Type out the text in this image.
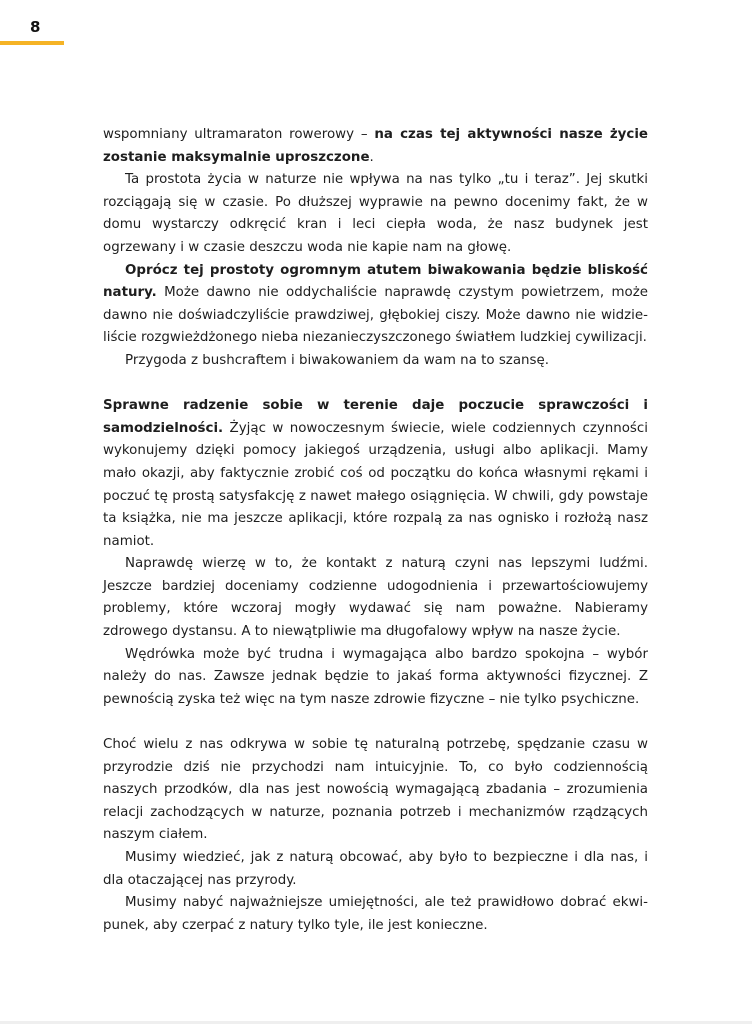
8

wspomniany ultramaraton rowerowy – na czas tej aktywności nasze życie zostanie maksymalnie uproszczone.

Ta prostota życia w naturze nie wpływa na nas tylko „tu i teraz”. Jej skutki rozciągają się w czasie. Po dłuższej wyprawie na pewno docenimy fakt, że w domu wystarczy odkręcić kran i leci ciepła woda, że nasz budynek jest ogrzewany i w czasie deszczu woda nie kapie nam na głowę.

Oprócz tej prostoty ogromnym atutem biwakowania będzie bliskość natury. Może dawno nie oddychaliście naprawdę czystym powietrzem, może dawno nie doświadczyliście prawdziwej, głębokiej ciszy. Może dawno nie widzieliście rozgwieżdżonego nieba niezanieczyszczonego światłem ludzkiej cywilizacji.

Przygoda z bushcraftem i biwakowaniem da wam na to szansę.

Sprawne radzenie sobie w terenie daje poczucie sprawczości i samodzielności. Żyjąc w nowoczesnym świecie, wiele codziennych czynności wykonujemy dzięki pomocy jakiegoś urządzenia, usługi albo aplikacji. Mamy mało okazji, aby faktycznie zrobić coś od początku do końca własnymi rękami i poczuć tę prostą satysfakcję z nawet małego osiągnięcia. W chwili, gdy powstaje ta książka, nie ma jeszcze aplikacji, które rozpalą za nas ognisko i rozłożą nasz namiot.

Naprawdę wierzę w to, że kontakt z naturą czyni nas lepszymi ludźmi. Jeszcze bardziej doceniamy codzienne udogodnienia i przewartościowujemy problemy, które wczoraj mogły wydawać się nam poważne. Nabieramy zdrowego dystansu. A to niewątpliwie ma długofalowy wpływ na nasze życie.

Wędrówka może być trudna i wymagająca albo bardzo spokojna – wybór należy do nas. Zawsze jednak będzie to jakaś forma aktywności fizycznej. Z pewnością zyska też więc na tym nasze zdrowie fizyczne – nie tylko psychiczne.

Choć wielu z nas odkrywa w sobie tę naturalną potrzebę, spędzanie czasu w przyrodzie dziś nie przychodzi nam intuicyjnie. To, co było codziennością naszych przodków, dla nas jest nowością wymagającą zbadania – zrozumienia relacji zachodzących w naturze, poznania potrzeb i mechanizmów rządzących naszym ciałem.

Musimy wiedzieć, jak z naturą obcować, aby było to bezpieczne i dla nas, i dla otaczającej nas przyrody.

Musimy nabyć najważniejsze umiejętności, ale też prawidłowo dobrać ekwipunek, aby czerpać z natury tylko tyle, ile jest konieczne.
